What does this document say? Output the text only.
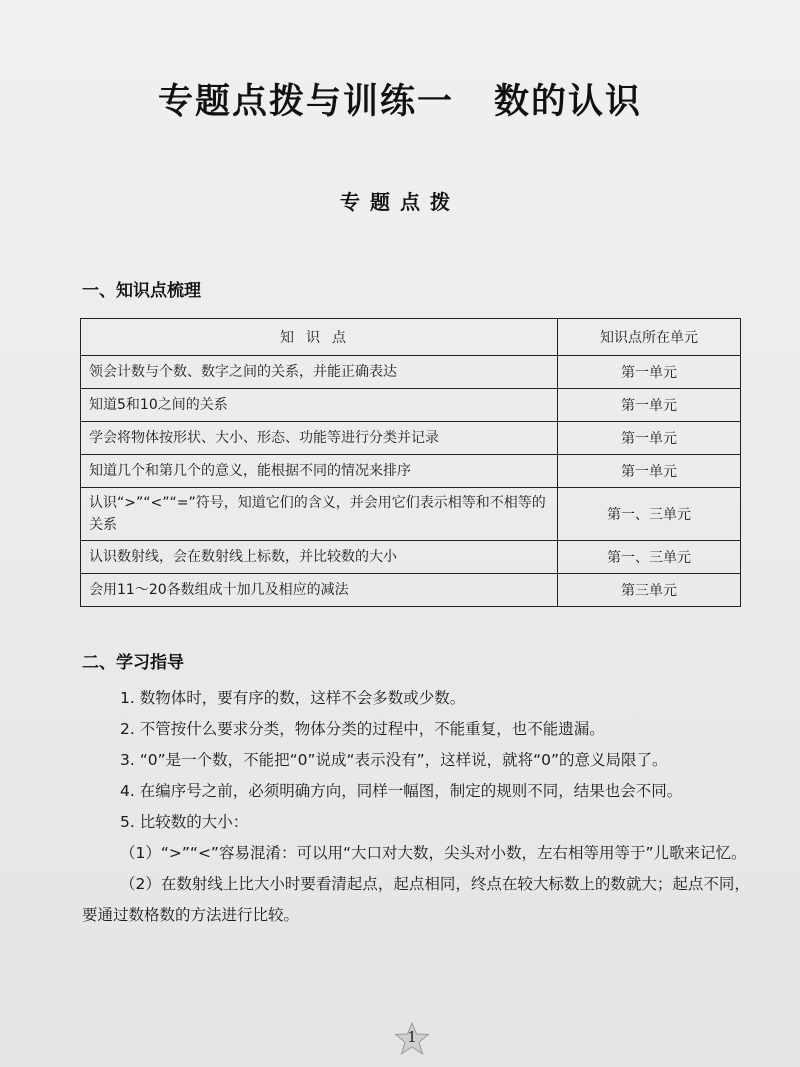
专题点拨与训练一 数的认识
专题点拨
一、知识点梳理
知识点	知识点所在单元
领会计数与个数、数字之间的关系，并能正确表达	第一单元
知道5和10之间的关系	第一单元
学会将物体按形状、大小、形态、功能等进行分类并记录	第一单元
知道几个和第几个的意义，能根据不同的情况来排序	第一单元
认识“>”“<”“=”符号，知道它们的含义，并会用它们表示相等和不相等的关系	第一、三单元
认识数射线，会在数射线上标数，并比较数的大小	第一、三单元
会用11～20各数组成十加几及相应的减法	第三单元
二、学习指导

1. 数物体时，要有序的数，这样不会多数或少数。

2. 不管按什么要求分类，物体分类的过程中，不能重复，也不能遗漏。

3. “0”是一个数，不能把“0”说成“表示没有”，这样说，就将“0”的意义局限了。

4. 在编序号之前，必须明确方向，同样一幅图，制定的规则不同，结果也会不同。

5. 比较数的大小：

（1）“>”“<”容易混淆：可以用“大口对大数，尖头对小数，左右相等用等于”儿歌来记忆。

（2）在数射线上比大小时要看清起点，起点相同，终点在较大标数上的数就大；起点不同，要通过数格数的方法进行比较。

1
